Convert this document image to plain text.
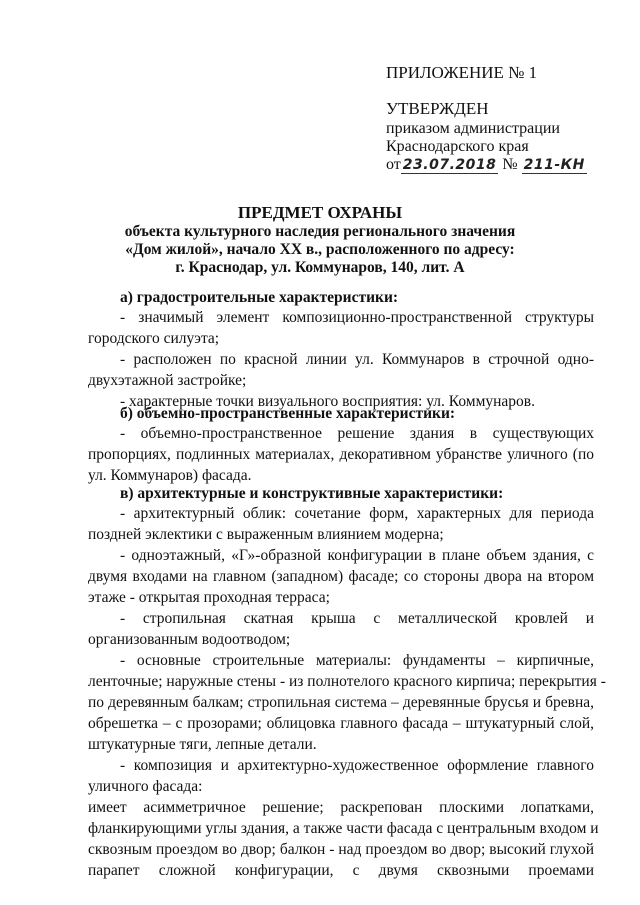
ПРИЛОЖЕНИЕ № 1
УТВЕРЖДЕН
приказом администрации
Краснодарского края
от 23.07.2018 № 211-КН
ПРЕДМЕТ ОХРАНЫ
объекта культурного наследия регионального значения
«Дом жилой», начало XX в., расположенного по адресу:
г. Краснодар, ул. Коммунаров, 140, лит. А
а) градостроительные характеристики:
- значимый элемент композиционно-пространственной структуры
городского силуэта;
- расположен по красной линии ул. Коммунаров в строчной одно-
двухэтажной застройке;
- характерные точки визуального восприятия: ул. Коммунаров.
б) объемно-пространственные характеристики:
- объемно-пространственное решение здания в существующих
пропорциях, подлинных материалах, декоративном убранстве уличного (по
ул. Коммунаров) фасада.
в) архитектурные и конструктивные характеристики:
- архитектурный облик: сочетание форм, характерных для периода
поздней эклектики с выраженным влиянием модерна;
- одноэтажный, «Г»-образной конфигурации в плане объем здания, с
двумя входами на главном (западном) фасаде; со стороны двора на втором
этаже - открытая проходная терраса;
- стропильная скатная крыша с металлической кровлей и
организованным водоотводом;
- основные строительные материалы: фундаменты – кирпичные,
ленточные; наружные стены - из полнотелого красного кирпича; перекрытия -
по деревянным балкам; стропильная система – деревянные брусья и бревна,
обрешетка – с прозорами; облицовка главного фасада – штукатурный слой,
штукатурные тяги, лепные детали.
- композиция и архитектурно-художественное оформление главного
уличного фасада:
имеет асимметричное решение; раскрепован плоскими лопатками,
фланкирующими углы здания, а также части фасада с центральным входом и
сквозным проездом во двор; балкон - над проездом во двор; высокий глухой
парапет сложной конфигурации, с двумя сквозными проемами
